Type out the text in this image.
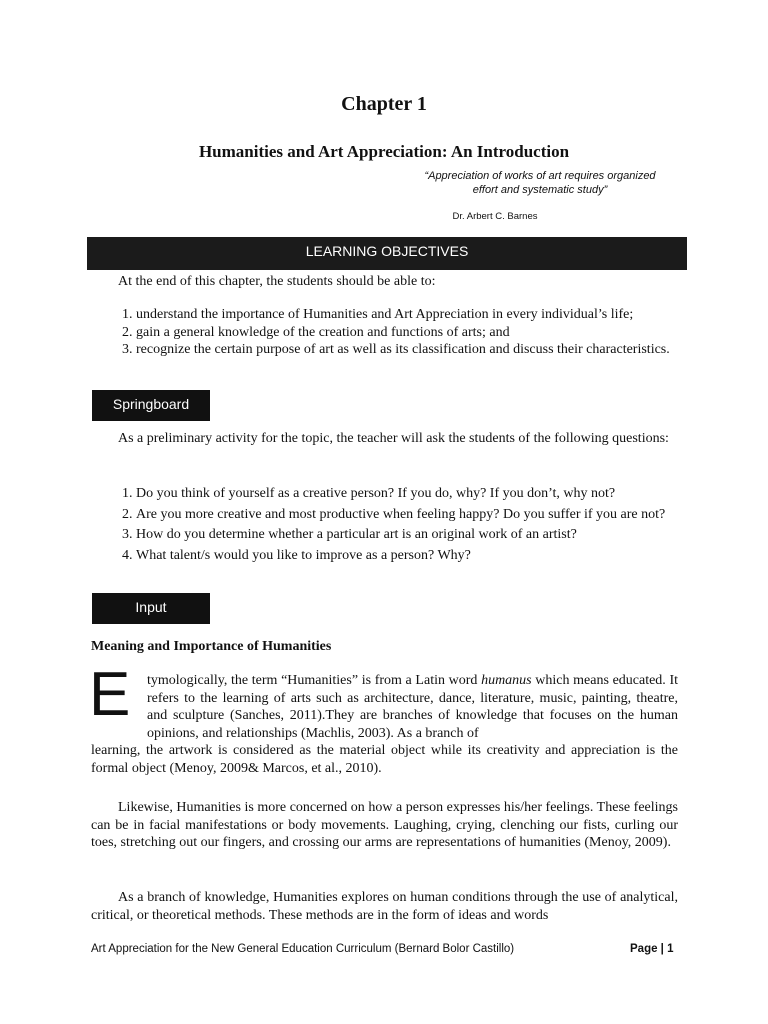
Chapter 1
Humanities and Art Appreciation: An Introduction
“Appreciation of works of art requires organized
effort and systematic study”
Dr. Arbert C. Barnes
LEARNING OBJECTIVES
At the end of this chapter, the students should be able to:
1. understand the importance of Humanities and Art Appreciation in every individual’s life;
2. gain a general knowledge of the creation and functions of arts; and
3. recognize the certain purpose of art as well as its classification and discuss their characteristics.
Springboard
As a preliminary activity for the topic, the teacher will ask the students of the following questions:
1. Do you think of yourself as a creative person? If you do, why? If you don’t, why not?
2. Are you more creative and most productive when feeling happy? Do you suffer if you are not?
3. How do you determine whether a particular art is an original work of an artist?
4. What talent/s would you like to improve as a person? Why?
Input
Meaning and Importance of Humanities
E tymologically, the term “Humanities” is from a Latin word humanus which means educated. It refers to the learning of arts such as architecture, dance, literature, music, painting, theatre, and sculpture (Sanches, 2011).They are branches of knowledge that focuses on the human opinions, and relationships (Machlis, 2003). As a branch of
learning, the artwork is considered as the material object while its creativity and appreciation is the formal object (Menoy, 2009& Marcos, et al., 2010).
Likewise, Humanities is more concerned on how a person expresses his/her feelings. These feelings can be in facial manifestations or body movements. Laughing, crying, clenching our fists, curling our toes, stretching out our fingers, and crossing our arms are representations of humanities (Menoy, 2009).
As a branch of knowledge, Humanities explores on human conditions through the use of analytical, critical, or theoretical methods. These methods are in the form of ideas and words
Art Appreciation for the New General Education Curriculum (Bernard Bolor Castillo)	Page | 1
